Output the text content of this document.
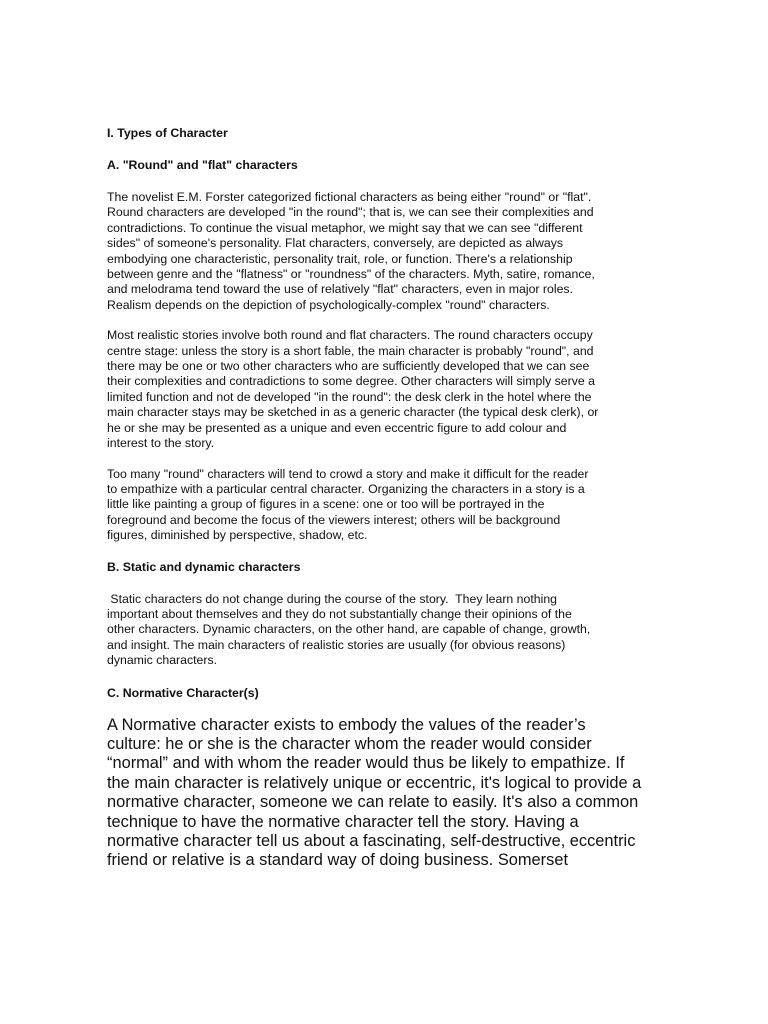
I. Types of Character

A. "Round" and "flat" characters

The novelist E.M. Forster categorized fictional characters as being either "round" or "flat".
Round characters are developed "in the round"; that is, we can see their complexities and
contradictions. To continue the visual metaphor, we might say that we can see "different
sides" of someone's personality. Flat characters, conversely, are depicted as always
embodying one characteristic, personality trait, role, or function. There's a relationship
between genre and the "flatness" or "roundness" of the characters. Myth, satire, romance,
and melodrama tend toward the use of relatively "flat" characters, even in major roles.
Realism depends on the depiction of psychologically-complex "round" characters.
Most realistic stories involve both round and flat characters. The round characters occupy
centre stage: unless the story is a short fable, the main character is probably "round", and
there may be one or two other characters who are sufficiently developed that we can see
their complexities and contradictions to some degree. Other characters will simply serve a
limited function and not de developed "in the round": the desk clerk in the hotel where the
main character stays may be sketched in as a generic character (the typical desk clerk), or
he or she may be presented as a unique and even eccentric figure to add colour and
interest to the story.
Too many "round" characters will tend to crowd a story and make it difficult for the reader
to empathize with a particular central character. Organizing the characters in a story is a
little like painting a group of figures in a scene: one or too will be portrayed in the
foreground and become the focus of the viewers interest; others will be background
figures, diminished by perspective, shadow, etc.

B. Static and dynamic characters

Static characters do not change during the course of the story.  They learn nothing
important about themselves and they do not substantially change their opinions of the
other characters. Dynamic characters, on the other hand, are capable of change, growth,
and insight. The main characters of realistic stories are usually (for obvious reasons)
dynamic characters.

C. Normative Character(s)

A Normative character exists to embody the values of the reader’s
culture: he or she is the character whom the reader would consider
“normal” and with whom the reader would thus be likely to empathize. If
the main character is relatively unique or eccentric, it's logical to provide a
normative character, someone we can relate to easily. It's also a common
technique to have the normative character tell the story. Having a
normative character tell us about a fascinating, self-destructive, eccentric
friend or relative is a standard way of doing business. Somerset
